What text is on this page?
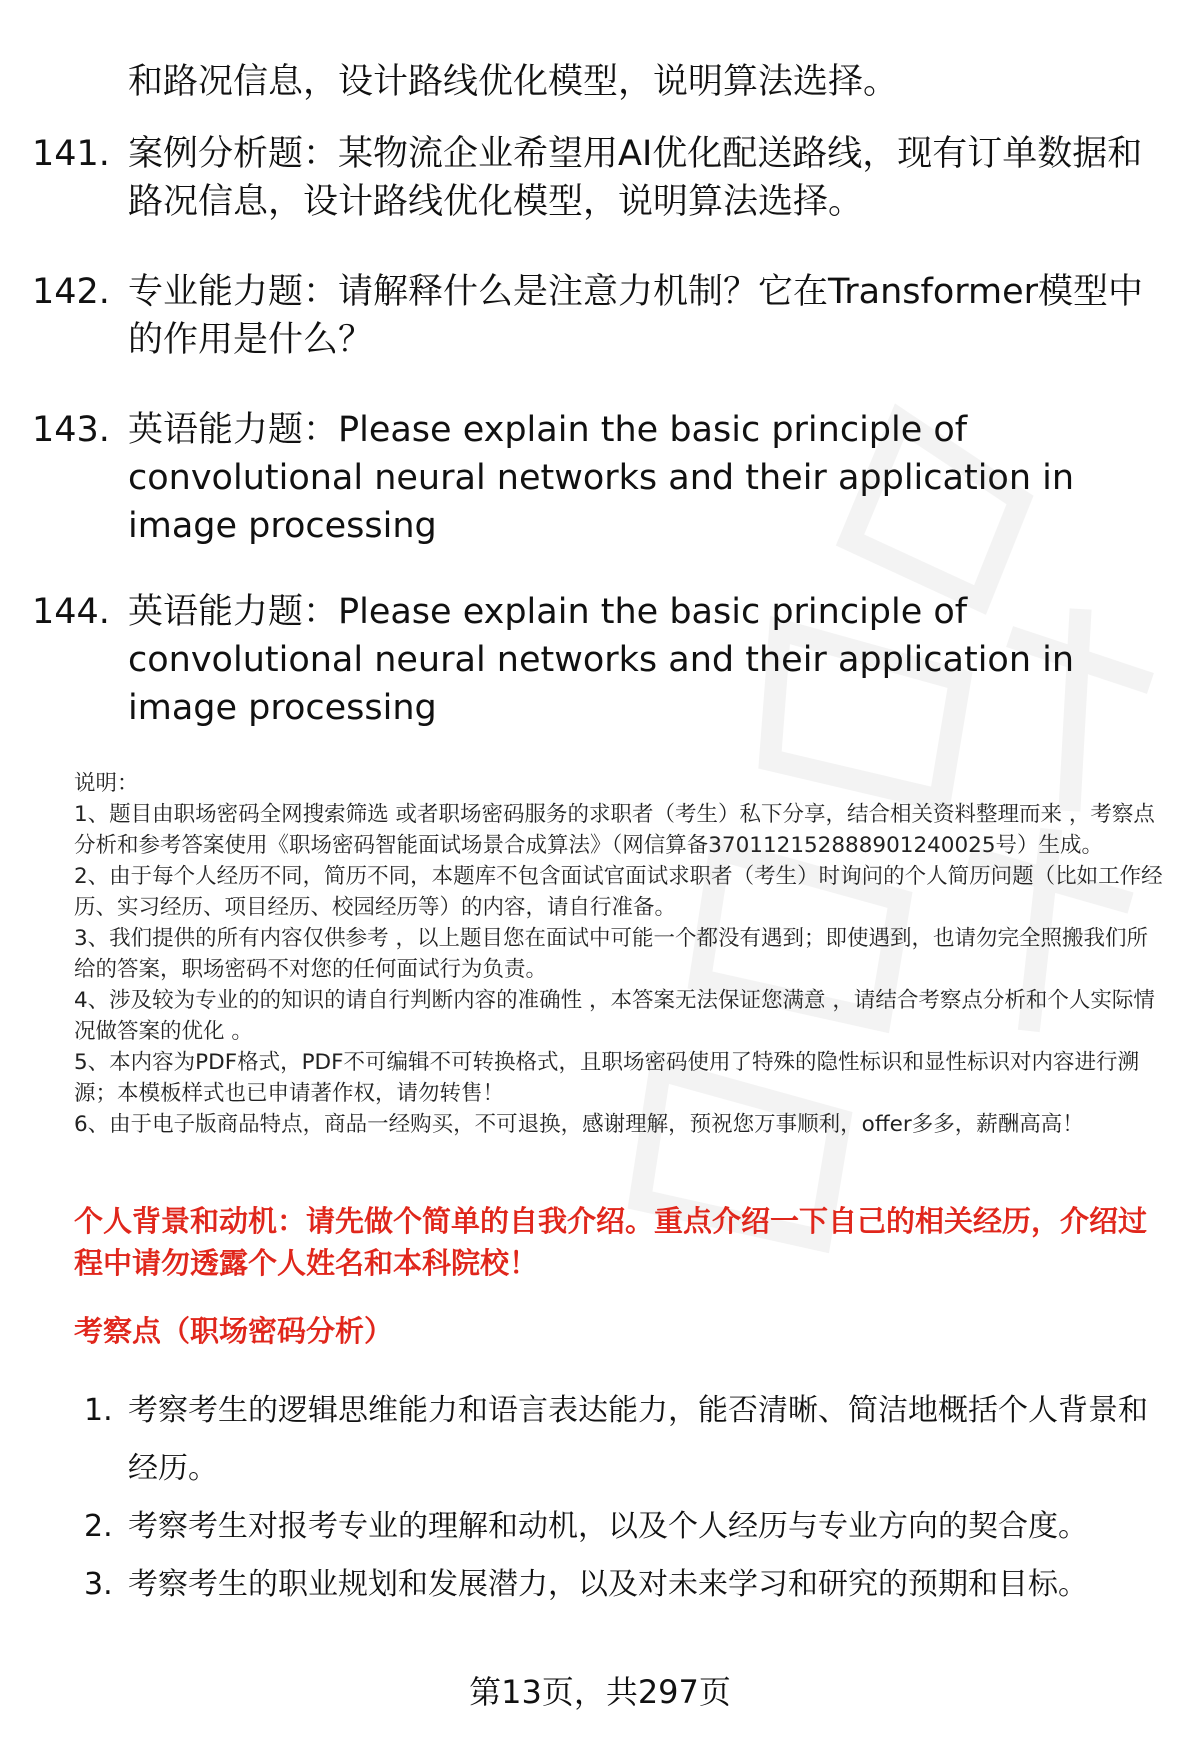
和路况信息，设计路线优化模型，说明算法选择。
141. 案例分析题：某物流企业希望用AI优化配送路线，现有订单数据和路况信息，设计路线优化模型，说明算法选择。
142. 专业能力题：请解释什么是注意力机制？它在Transformer模型中的作用是什么？
143. 英语能力题：Please explain the basic principle of convolutional neural networks and their application in image processing
144. 英语能力题：Please explain the basic principle of convolutional neural networks and their application in image processing

说明：

1、题目由职场密码全网搜索筛选 或者职场密码服务的求职者（考生）私下分享，结合相关资料整理而来 ，考察点分析和参考答案使用《职场密码智能面试场景合成算法》（网信算备370112152888901240025号）生成。

2、由于每个人经历不同，简历不同，本题库不包含面试官面试求职者（考生）时询问的个人简历问题（比如工作经历、实习经历、项目经历、校园经历等）的内容，请自行准备。

3、我们提供的所有内容仅供参考 ，以上题目您在面试中可能一个都没有遇到；即使遇到，也请勿完全照搬我们所给的答案，职场密码不对您的任何面试行为负责。

4、涉及较为专业的的知识的请自行判断内容的准确性 ，本答案无法保证您满意 ，请结合考察点分析和个人实际情况做答案的优化 。

5、本内容为PDF格式，PDF不可编辑不可转换格式，且职场密码使用了特殊的隐性标识和显性标识对内容进行溯源；本模板样式也已申请著作权，请勿转售！

6、由于电子版商品特点，商品一经购买，不可退换，感谢理解，预祝您万事顺利，offer多多，薪酬高高！

个人背景和动机：请先做个简单的自我介绍。重点介绍一下自己的相关经历，介绍过程中请勿透露个人姓名和本科院校！
考察点（职场密码分析）
1. 考察考生的逻辑思维能力和语言表达能力，能否清晰、简洁地概括个人背景和经历。
2. 考察考生对报考专业的理解和动机，以及个人经历与专业方向的契合度。
3. 考察考生的职业规划和发展潜力，以及对未来学习和研究的预期和目标。
第13页，共297页
